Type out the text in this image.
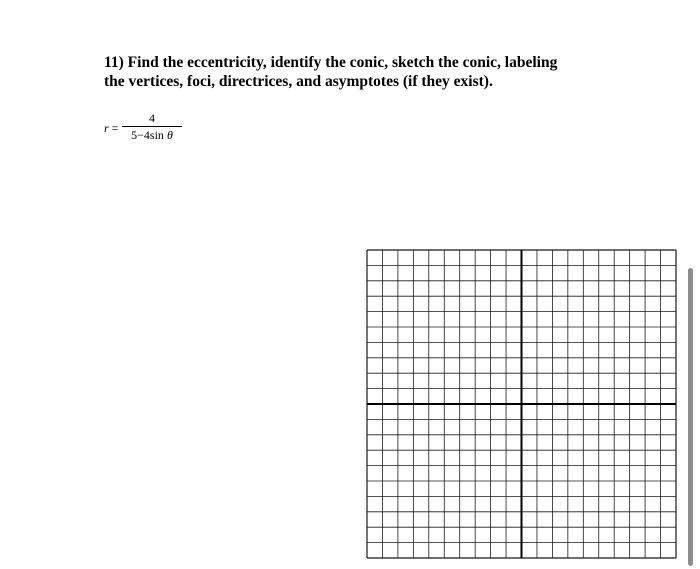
11) Find the eccentricity, identify the conic, sketch the conic, labeling
the vertices, foci, directrices, and asymptotes (if they exist).
$r = \frac{4}{\text{5−4sin θ}}$
